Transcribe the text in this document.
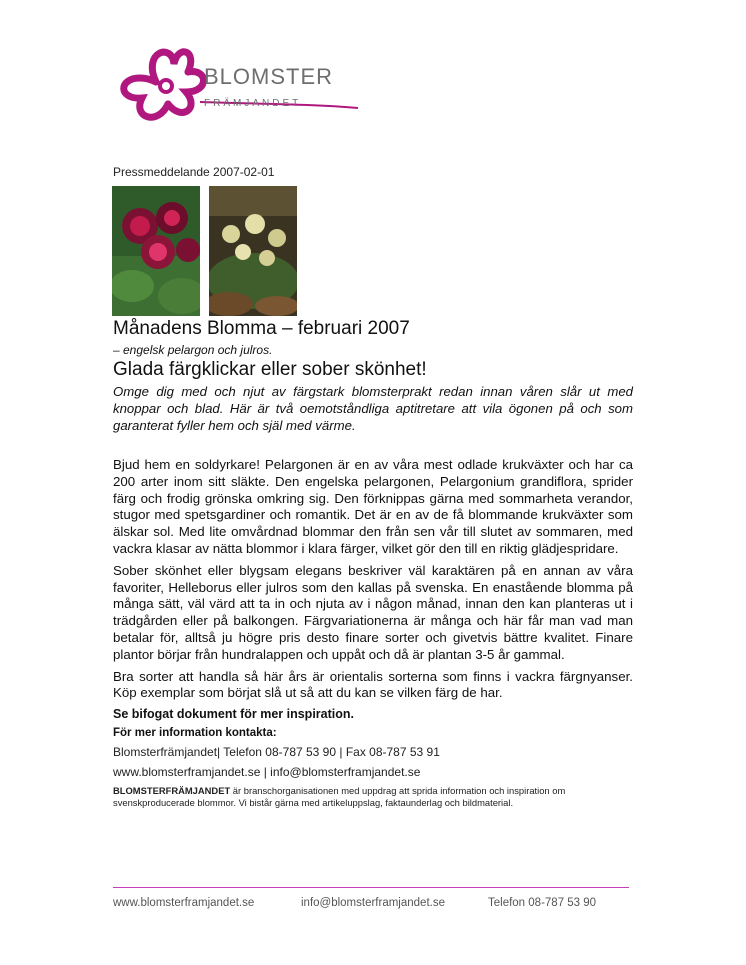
BLOMSTER
FRÄMJANDET
Pressmeddelande 2007-02-01
Månadens Blomma – februari 2007
– engelsk pelargon och julros.
Glada färgklickar eller sober skönhet!
Omge dig med och njut av färgstark blomsterprakt redan innan våren slår ut med knoppar och blad. Här är två oemotståndliga aptitretare att vila ögonen på och som garanterat fyller hem och själ med värme.

Bjud hem en soldyrkare! Pelargonen är en av våra mest odlade krukväxter och har ca 200 arter inom sitt släkte. Den engelska pelargonen, Pelargonium grandiflora, sprider färg och frodig grönska omkring sig. Den förknippas gärna med sommarheta verandor, stugor med spetsgardiner och romantik. Det är en av de få blommande krukväxter som älskar sol. Med lite omvårdnad blommar den från sen vår till slutet av sommaren, med vackra klasar av nätta blommor i klara färger, vilket gör den till en riktig glädjespridare.

Sober skönhet eller blygsam elegans beskriver väl karaktären på en annan av våra favoriter, Helleborus eller julros som den kallas på svenska. En enastående blomma på många sätt, väl värd att ta in och njuta av i någon månad, innan den kan planteras ut i trädgården eller på balkongen. Färgvariationerna är många och här får man vad man betalar för, alltså ju högre pris desto finare sorter och givetvis bättre kvalitet. Finare plantor börjar från hundralappen och uppåt och då är plantan 3-5 år gammal.

Bra sorter att handla så här års är orientalis sorterna som finns i vackra färgnyanser. Köp exemplar som börjat slå ut så att du kan se vilken färg de har.

Se bifogat dokument för mer inspiration.

För mer information kontakta:

Blomsterfrämjandet| Telefon 08-787 53 90 | Fax 08-787 53 91

www.blomsterframjandet.se | info@blomsterframjandet.se

BLOMSTERFRÄMJANDET är branschorganisationen med uppdrag att sprida information och inspiration om svenskproducerade blommor. Vi bistår gärna med artikeluppslag, faktaunderlag och bildmaterial.

www.blomsterframjandet.se	info@blomsterframjandet.se	Telefon 08-787 53 90
